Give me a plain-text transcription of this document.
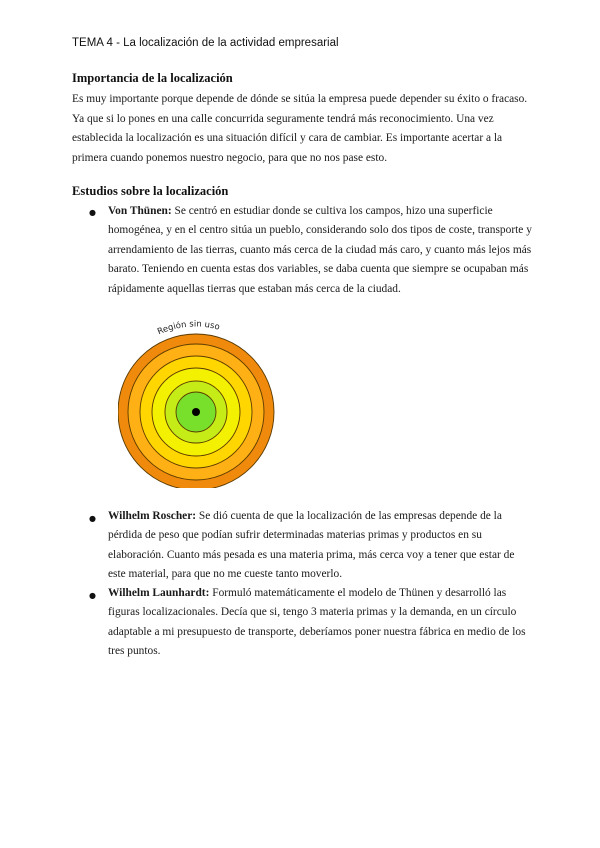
TEMA 4 - La localización de la actividad empresarial
Importancia de la localización

Es muy importante porque depende de dónde se sitúa la empresa puede depender su éxito o fracaso. Ya que si lo pones en una calle concurrida seguramente tendrá más reconocimiento. Una vez establecida la localización es una situación difícil y cara de cambiar. Es importante acertar a la primera cuando ponemos nuestro negocio, para que no nos pase esto.

Estudios sobre la localización
● Von Thünen: Se centró en estudiar donde se cultiva los campos, hizo una superficie homogénea, y en el centro sitúa un pueblo, considerando solo dos tipos de coste, transporte y arrendamiento de las tierras, cuanto más cerca de la ciudad más caro, y cuanto más lejos más barato. Teniendo en cuenta estas dos variables, se daba cuenta que siempre se ocupaban más rápidamente aquellas tierras que estaban más cerca de la ciudad.

Región sin uso
● Wilhelm Roscher: Se dió cuenta de que la localización de las empresas depende de la pérdida de peso que podían sufrir determinadas materias primas y productos en su elaboración. Cuanto más pesada es una materia prima, más cerca voy a tener que estar de este material, para que no me cueste tanto moverlo.

● Wilhelm Launhardt: Formuló matemáticamente el modelo de Thünen y desarrolló las figuras localizacionales. Decía que si, tengo 3 materia primas y la demanda, en un círculo adaptable a mi presupuesto de transporte, deberíamos poner nuestra fábrica en medio de los tres puntos.
